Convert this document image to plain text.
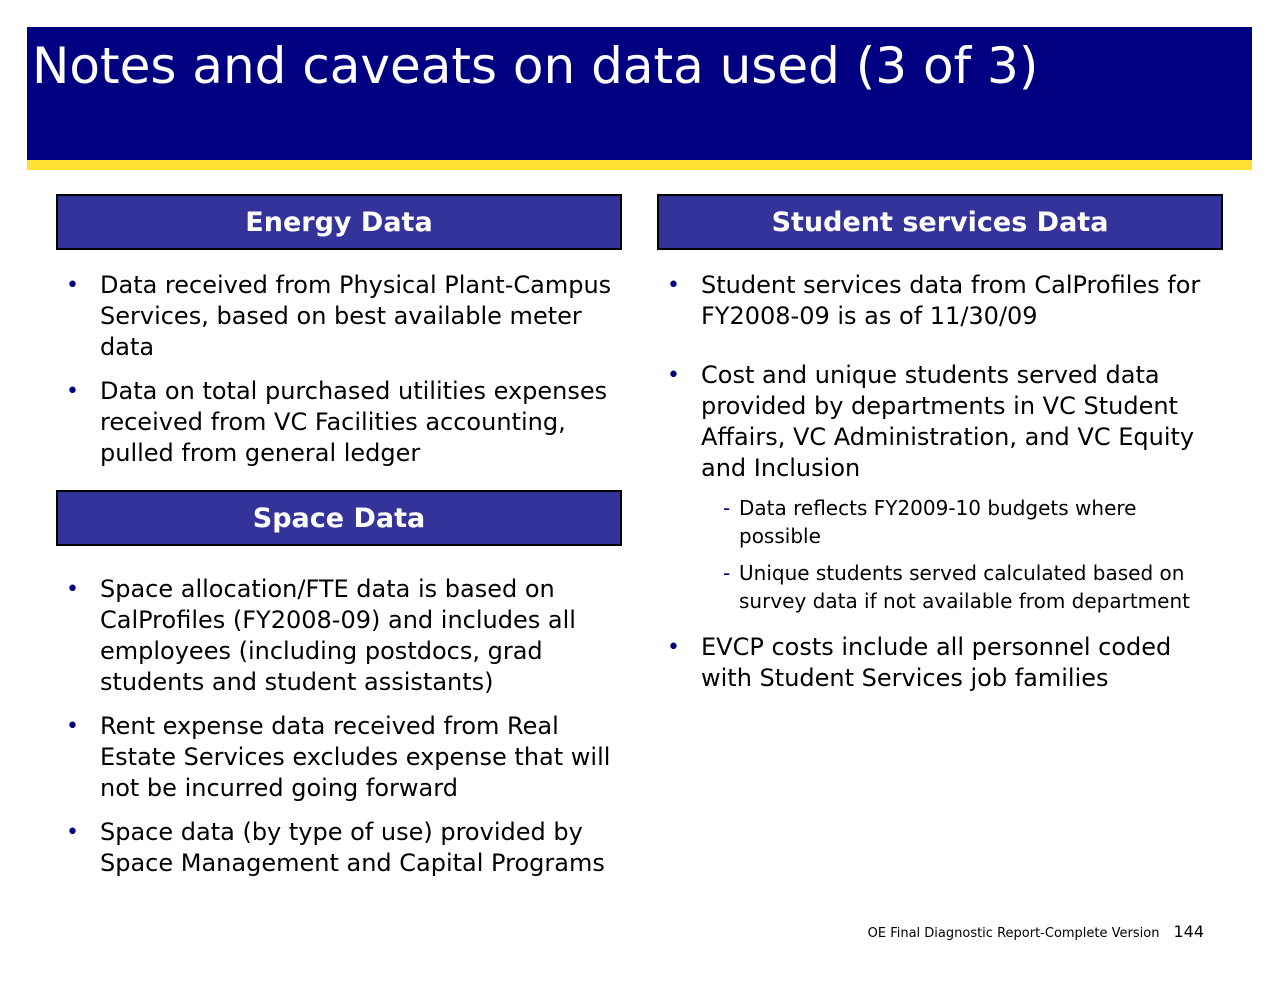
Notes and caveats on data used (3 of 3)
Energy Data
• Data received from Physical Plant-Campus Services, based on best available meter data
• Data on total purchased utilities expenses received from VC Facilities accounting, pulled from general ledger
Space Data
• Space allocation/FTE data is based on CalProfiles (FY2008-09) and includes all employees (including postdocs, grad students and student assistants)
• Rent expense data received from Real Estate Services excludes expense that will not be incurred going forward
• Space data (by type of use) provided by Space Management and Capital Programs
Student services Data
• Student services data from CalProfiles for FY2008-09 is as of 11/30/09
• Cost and unique students served data provided by departments in VC Student Affairs, VC Administration, and VC Equity and Inclusion
- Data reflects FY2009-10 budgets where possible
- Unique students served calculated based on survey data if not available from department
• EVCP costs include all personnel coded with Student Services job families
OE Final Diagnostic Report-Complete Version 144
